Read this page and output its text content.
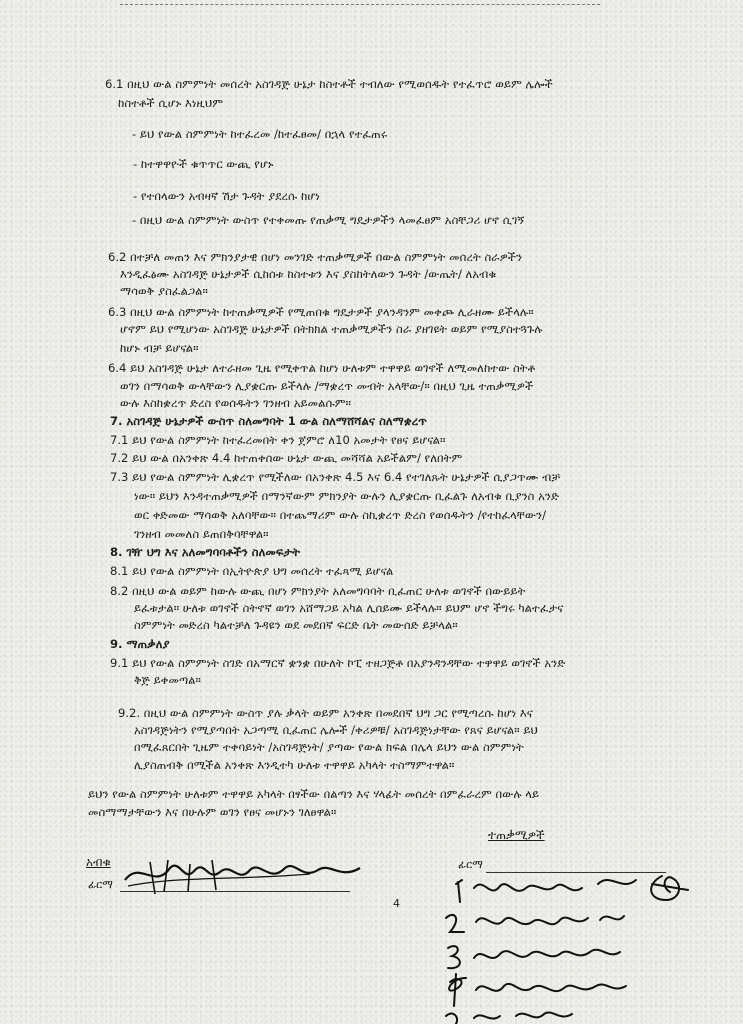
6.1 በዚህ ውል ስምምነት መሰረት አስገዳጅ ሁኔታ ከስተቶች ተብለው የሚወሰዱት የተፈጥሮ ወይም ሌሎች
ከስተቶች ሲሆኑ እነዚህም
- ይህ የውል ስምምነት ከተፈረመ /ከተፈፀመ/ በኋላ የተፈጠሩ
- ከተዋዋዮች ቁጥጥር ውጪ የሆኑ
- የተበላውን አብዛኛ ሽታ ጉዳት ያደረሱ ከሆነ
- በዚህ ውል ስምምነት ውስጥ የተቀመጡ የጠቃሚ ግዴታዎችን ላመፈፀም አስቸጋሪ ሆኖ ሲገኝ
6.2 በተቻለ መጠን እና ምክንያታዊ በሆነ መንገድ ተጠቃሚዎች በውል ስምምነት መሰረት ስራዎችን
እንዲፈፅሙ አስገዳጅ ሁኔታዎች ሲከሰቱ ከስተቱን እና ያስከትለውን ጉዳት /ውጤት/ ለአብቁ
ማሳወቅ ያስፈልጋል።
6.3 በዚህ ውል ስምምነት ከተጠቃሚዎች የሚጠበቁ ግዴታዎች ያላንዳንም መቀጮ ሊራዘሙ ይችላሉ።
ሆኖም ይህ የሚሆነው አስገዳጅ ሁኔታዎች በትክክል ተጠቃሚዎችን ስራ ያዘገዩት ወይም የሚያስተጓጉሉ
ከሆኑ ብቻ ይሆናል።
6.4 ይህ አስገዳጅ ሁኔታ ለተራዘመ ጊዜ የሚቀጥል ከሆነ ሁለቱም ተዋዋይ ወገኖች ለሚመለከተው ስትቶ
ወገን በማሳወቅ ውላቸውን ሊያቋርጡ ይችላሉ /ማቋረጥ መብት አላቸው/። በዚህ ጊዜ ተጠቃሚዎች
ውሉ እስከቋረጥ ድረስ የወሰዱትን ገንዘብ አይመልሱም።
7. አስገዳጅ ሁኔታዎች ውስጥ ስለመግባት 1 ውል ስለማሸሻልና ስለማቋረጥ
7.1 ይህ የውል ስምምነት ከተፈረመበት ቀን ጀምሮ ለ10 አመታት የፀና ይሆናል።
7.2 ይህ ውል በአንቀጽ 4.4 ከተጠቀሰው ሁኔታ ውጪ መሻሻል አይችልም/ የለበትም
7.3 ይህ የውል ስምምነት ሊቋረጥ የሚችለው በአንቀጽ 4.5 እና 6.4 የተገለጹት ሁኔታዎች ሲያጋጥሙ ብቻ
ነው። ይህን እንዳተጠቃሚዎች በማንኛውም ምክንያት ውሉን ሊያቋርጡ ቢፈልጉ ለአብቁ ቢያንስ አንድ
ወር ቀድመው ማሳወቅ አለባቸው። በተጨማሪም ውሉ ስኪቋረጥ ድረስ የወሰዱትን /የተከፈላቸውን/
ገንዘብ መመለስ ይጠበቅባቸዋል።
8. ገዥ ህግ እና አለመግባባቶችን ስለመፍታት
8.1 ይህ የውል ስምምነት በኢትዮጵያ ህግ መሰረት ተፈጻሚ ይሆናል
8.2 በዚህ ውል ወይም ከውሉ ውጪ በሆነ ምክንያት አለመግባባት ቢፈጠር ሁለቱ ወገኖች በውይይት
ይፈቱታል። ሁለቱ ወገኖች ስትኖኛ ወገን አሸማጋይ አካል ሊሰይሙ ይችላሉ። ይህም ሆኖ ችግሩ ካልተፈታና
ስምምነት መድረስ ካልተቻለ ጉዳዩን ወደ መደበኛ ፍርድ ቤት መውሰድ ይቻላል።
9. ማጠቃለያ
9.1 ይህ የውል ስምምነት ስገድ በአማርኛ ቋንቋ በሁለት ኮፒ ተዘጋጅቶ በአያንዳንዳቸው ተዋዋይ ወገኖች አንድ
ቅጅ ይቀመጣል።
9.2. በዚህ ውል ስምምነት ውስጥ ያሉ ቃላት ወይም አንቀጽ በመደበኛ ህግ ጋር የሚጣረሱ ከሆነ እና
አስገዳጅነትን የሚያጣበት አጋጣሚ ቢፈጠር ሌሎች /ቀሪዎቹ/ አስገዳጅነታቸው የጸና ይሆናል። ይህ
በሚፈጸርበት ጊዜም ተቀባይነት /አስገዳጅነት/ ያጣው የውል ክፍል በሌላ ይህን ውል ስምምነት
ሊያስጠብቅ በሚችል አንቀጽ እንዲተካ ሁለቱ ተዋዋይ አካላት ተስማምተዋል።
ይህን የውል ስምምነት ሁለቱም ተዋዋይ አካላት በፃችው በልጣን እና ሃላፊት መሰረት በምፈራረም በውሉ ላይ
መስማማታቸውን እና በሁሉም ወገን የፀና መሆኑን ገለፀዋል።
ተጠቃሚዎች
አብቁ	ፊርማ
ፊርማ
4
